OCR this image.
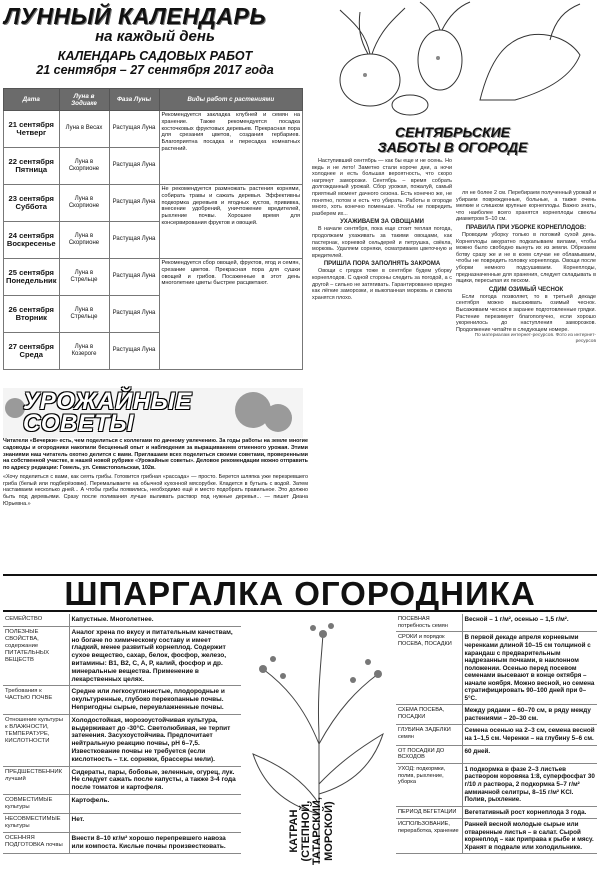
ЛУННЫЙ КАЛЕНДАРЬ
на каждый день
КАЛЕНДАРЬ САДОВЫХ РАБОТ
21 сентября – 27 сентября 2017 года
Дата	Луна в Зодиаке	Фаза Луны	Виды работ с растениями
21 сентября Четверг	Луна в Весах	Растущая Луна	Рекомендуется закладка клубней и семян на хранение. Также рекомендуется посадка косточковых фруктовых деревьев. Прекрасная пора для срезания цветов, создания гербариев. Благоприятна посадка и пересадка комнатных растений.
22 сентября Пятница	Луна в Скорпионе	Растущая Луна	
23 сентября Суббота	Луна в Скорпионе	Растущая Луна	Не рекомендуется размножать растения корнями, собирать травы и сажать деревья. Эффективны подкормка деревьев и ягодных кустов, прививка, внесение удобрений, уничтожение вредителей, рыхление почвы. Хорошее время для консервирования фруктов и овощей.
24 сентября Воскресенье	Луна в Скорпионе	Растущая Луна	
25 сентября Понедельник	Луна в Стрельце	Растущая Луна	Рекомендуется сбор овощей, фруктов, ягод и семян, срезание цветов. Прекрасная пора для сушки овощей и грибов. Посаженные в этот день многолетние цветы быстрее расцветают.
26 сентября Вторник	Луна в Стрельце	Растущая Луна	
27 сентября Среда	Луна в Козероге	Растущая Луна	
СЕНТЯБРЬСКИЕ ЗАБОТЫ В ОГОРОДЕ

Наступивший сентябрь — как бы еще и не осень. Но ведь и не лето! Заметно стали короче дни, а ночи холоднее и есть большая вероятность, что скоро нагрянут заморозки. Сентябрь – время собрать долгожданный урожай. Сбор урожая, пожалуй, самый приятный момент дачного сезона. Есть конечно же, не понятно, потом и есть что убирать. Работы в огороде много, хоть конечно поменьше. Чтобы не повредить разберем их...

УХАЖИВАЕМ ЗА ОВОЩАМИ

В начале сентября, пока еще стоит теплая погода, продолжаем ухаживать за такими овощами, как пастернак, корневой сельдерей и петрушка, свёкла, морковь. Удаляем сорняки, осматриваем цветочную и вредителей.

ПРИШЛА ПОРА ЗАПОЛНЯТЬ ЗАКРОМА

Овощи с грядок тоже в сентябре будем уборку корнеплодов. С одной стороны следить за погодой, а с другой – сильно не затягивать. Гарантированно вредно как лёгкие заморозки, и выкопанная морковь и свекла хранятся плохо.

ля не более 2 см. Перебираем полученный урожай и убираем поврежденные, больные, а также очень мелкие и слишком крупные корнеплоды. Важно знать, что наиболее всего хранятся корнеплоды свеклы диаметром 5–10 см.

ПРАВИЛА ПРИ УБОРКЕ КОРНЕПЛОДОВ:

Проводим уборку только в погожий сухой день. Корнеплоды аккуратно подкапываем вилами, чтобы можно было свободно вынуть их из земли. Обрезаем ботву сразу же и не в коем случае не обламываем, чтобы не повредить головку корнеплода. Овощи после уборки немного подсушиваем. Корнеплоды, предназначенные для хранения, следует складывать в ящики, пересыпая их песком.

СДИМ ОЗИМЫЙ ЧЕСНОК

Если погода позволяет, то в третьей декаде сентября можно высаживать озимый чеснок. Высаживаем чеснок в заранее подготовленные грядки. Растение перезимует благополучно, если хорошо укоренилось до наступления заморозков. Продолжение читайте в следующем номере.

По материалам интернет-ресурсов. Фото из интернет-ресурсов

УРОЖАЙНЫЕ СОВЕТЫ

Читатели «Вечерки» есть, чем поделиться с коллегами по дачному увлечению. За годы работы на земле многие садоводы и огородники накопили бесценный опыт и наблюдения за выращиванием отменного урожая. Этими знаниями наш читатель охотно делится с вами. Приглашаем всех поделиться своими советами, проверенными на собственной участке, в нашей новой рубрике «Урожайные советы». Деловое рекомендации можно отправить по адресу редакции: Гомель, ул. Севастопольская, 102в.

«Хочу поделиться с вами, как сеять грибы. Готовится грибная «рассада» — просто. Берется шляпка уже перезревшего гриба (белый или подберёзовик). Перемалываете на обычной кухонной мясорубке. Кладется в бутыль с водой. Затем настаиваем несколько дней... А чтобы грибы появились, необходимо ещё и место подобрать правильное. Это должно быть под деревьями. Сразу после поливания лучше выливать раствор под нужные деревья... — пишет Диана Юрьевна.»

ШПАРГАЛКА ОГОРОДНИКА
СЕМЕЙСТВО	Капустные. Многолетнее.
ПОЛЕЗНЫЕ СВОЙСТВА, содержание ПИТАТЕЛЬНЫХ ВЕЩЕСТВ	Аналог хрена по вкусу и питательным качествам, но богаче по химическому составу и имеет гладкий, менее развитый корнеплод. Содержит сухое вещество, сахар, белок, фосфор, железо, витамины: В1, В2, С, А, Р, калий, фосфор и др. минеральные вещества. Применение в лекарственных целях.
Требования к ЧАСТЬЮ ПОЧВЕ	Средне или легкосуглинистые, плодородные и окультуренные, глубоко перекопанные почвы. Непригодны сырые, переувлажненные почвы.
Отношение культуры к ВЛАЖНОСТИ, ТЕМПЕРАТУРЕ, КИСЛОТНОСТИ	Холодостойкая, морозоустойчивая культура, выдерживает до -30°С. Светолюбивая, не терпит затенения. Засухоустойчива. Предпочитает нейтральную реакцию почвы, рН 6–7,5. Известкование почвы не требуется (если кислотность – т.к. сорняки, брассеры мели).
ПРЕДШЕСТВЕННИК лучший	Сидераты, пары, бобовые, зеленные, огурец, лук. Не следует сажать после капусты, а также 3-4 года после томатов и картофеля.
СОВМЕСТИМЫЕ культуры	Картофель.
НЕСОВМЕСТИМЫЕ культуры	Нет.
ОСЕННЯЯ ПОДГОТОВКА почвы	Внести 8–10 кг/м² хорошо перепревшего навоза или компоста. Кислые почвы произвестковать.	КАТРАН (СТЕПНОЙ, ТАТАРСКИЙ, МОРСКОЙ)
ПОСЕВНАЯ потребность семян	Весной – 1 г/м², осенью – 1,5 г/м².
СРОКИ и порядок ПОСЕВА, ПОСАДКИ	В первой декаде апреля корневыми черенками длиной 10–15 см толщиной с карандаш с предварительным надрезанным почками, в наклонном положении. Осенью перед посевом семенами высевают в конце октября – начале ноября. Можно весной, но семена стратифицировать 90–100 дней при 0–5°С.
СХЕМА ПОСЕВА, ПОСАДКИ	Между рядами – 60–70 см, в ряду между растениями – 20–30 см.
ГЛУБИНА ЗАДЕЛКИ семян	Семена осенью на 2–3 см, семена весной на 1–1,5 см. Черенки – на глубину 5–6 см.
ОТ ПОСАДКИ ДО ВСХОДОВ	60 дней.
УХОД: подкормки, полив, рыхление, уборка	1 подкормка в фазе 2–3 листьев раствором коровяка 1:8, суперфосфат 30 г/10 л раствора, 2 подкормка 5–7 г/м² аммиачной селитры, 8–15 г/м² KCl. Полив, рыхление.
ПЕРИОД ВЕГЕТАЦИИ	Вегетативный рост корнеплода 3 года.
ИСПОЛЬЗОВАНИЕ, переработка, хранение	Ранней весной молодые сырые или отваренные листья – в салат. Сырой корнеплод – как приправа к рыбе и мясу. Хранят в подвале или холодильнике.
